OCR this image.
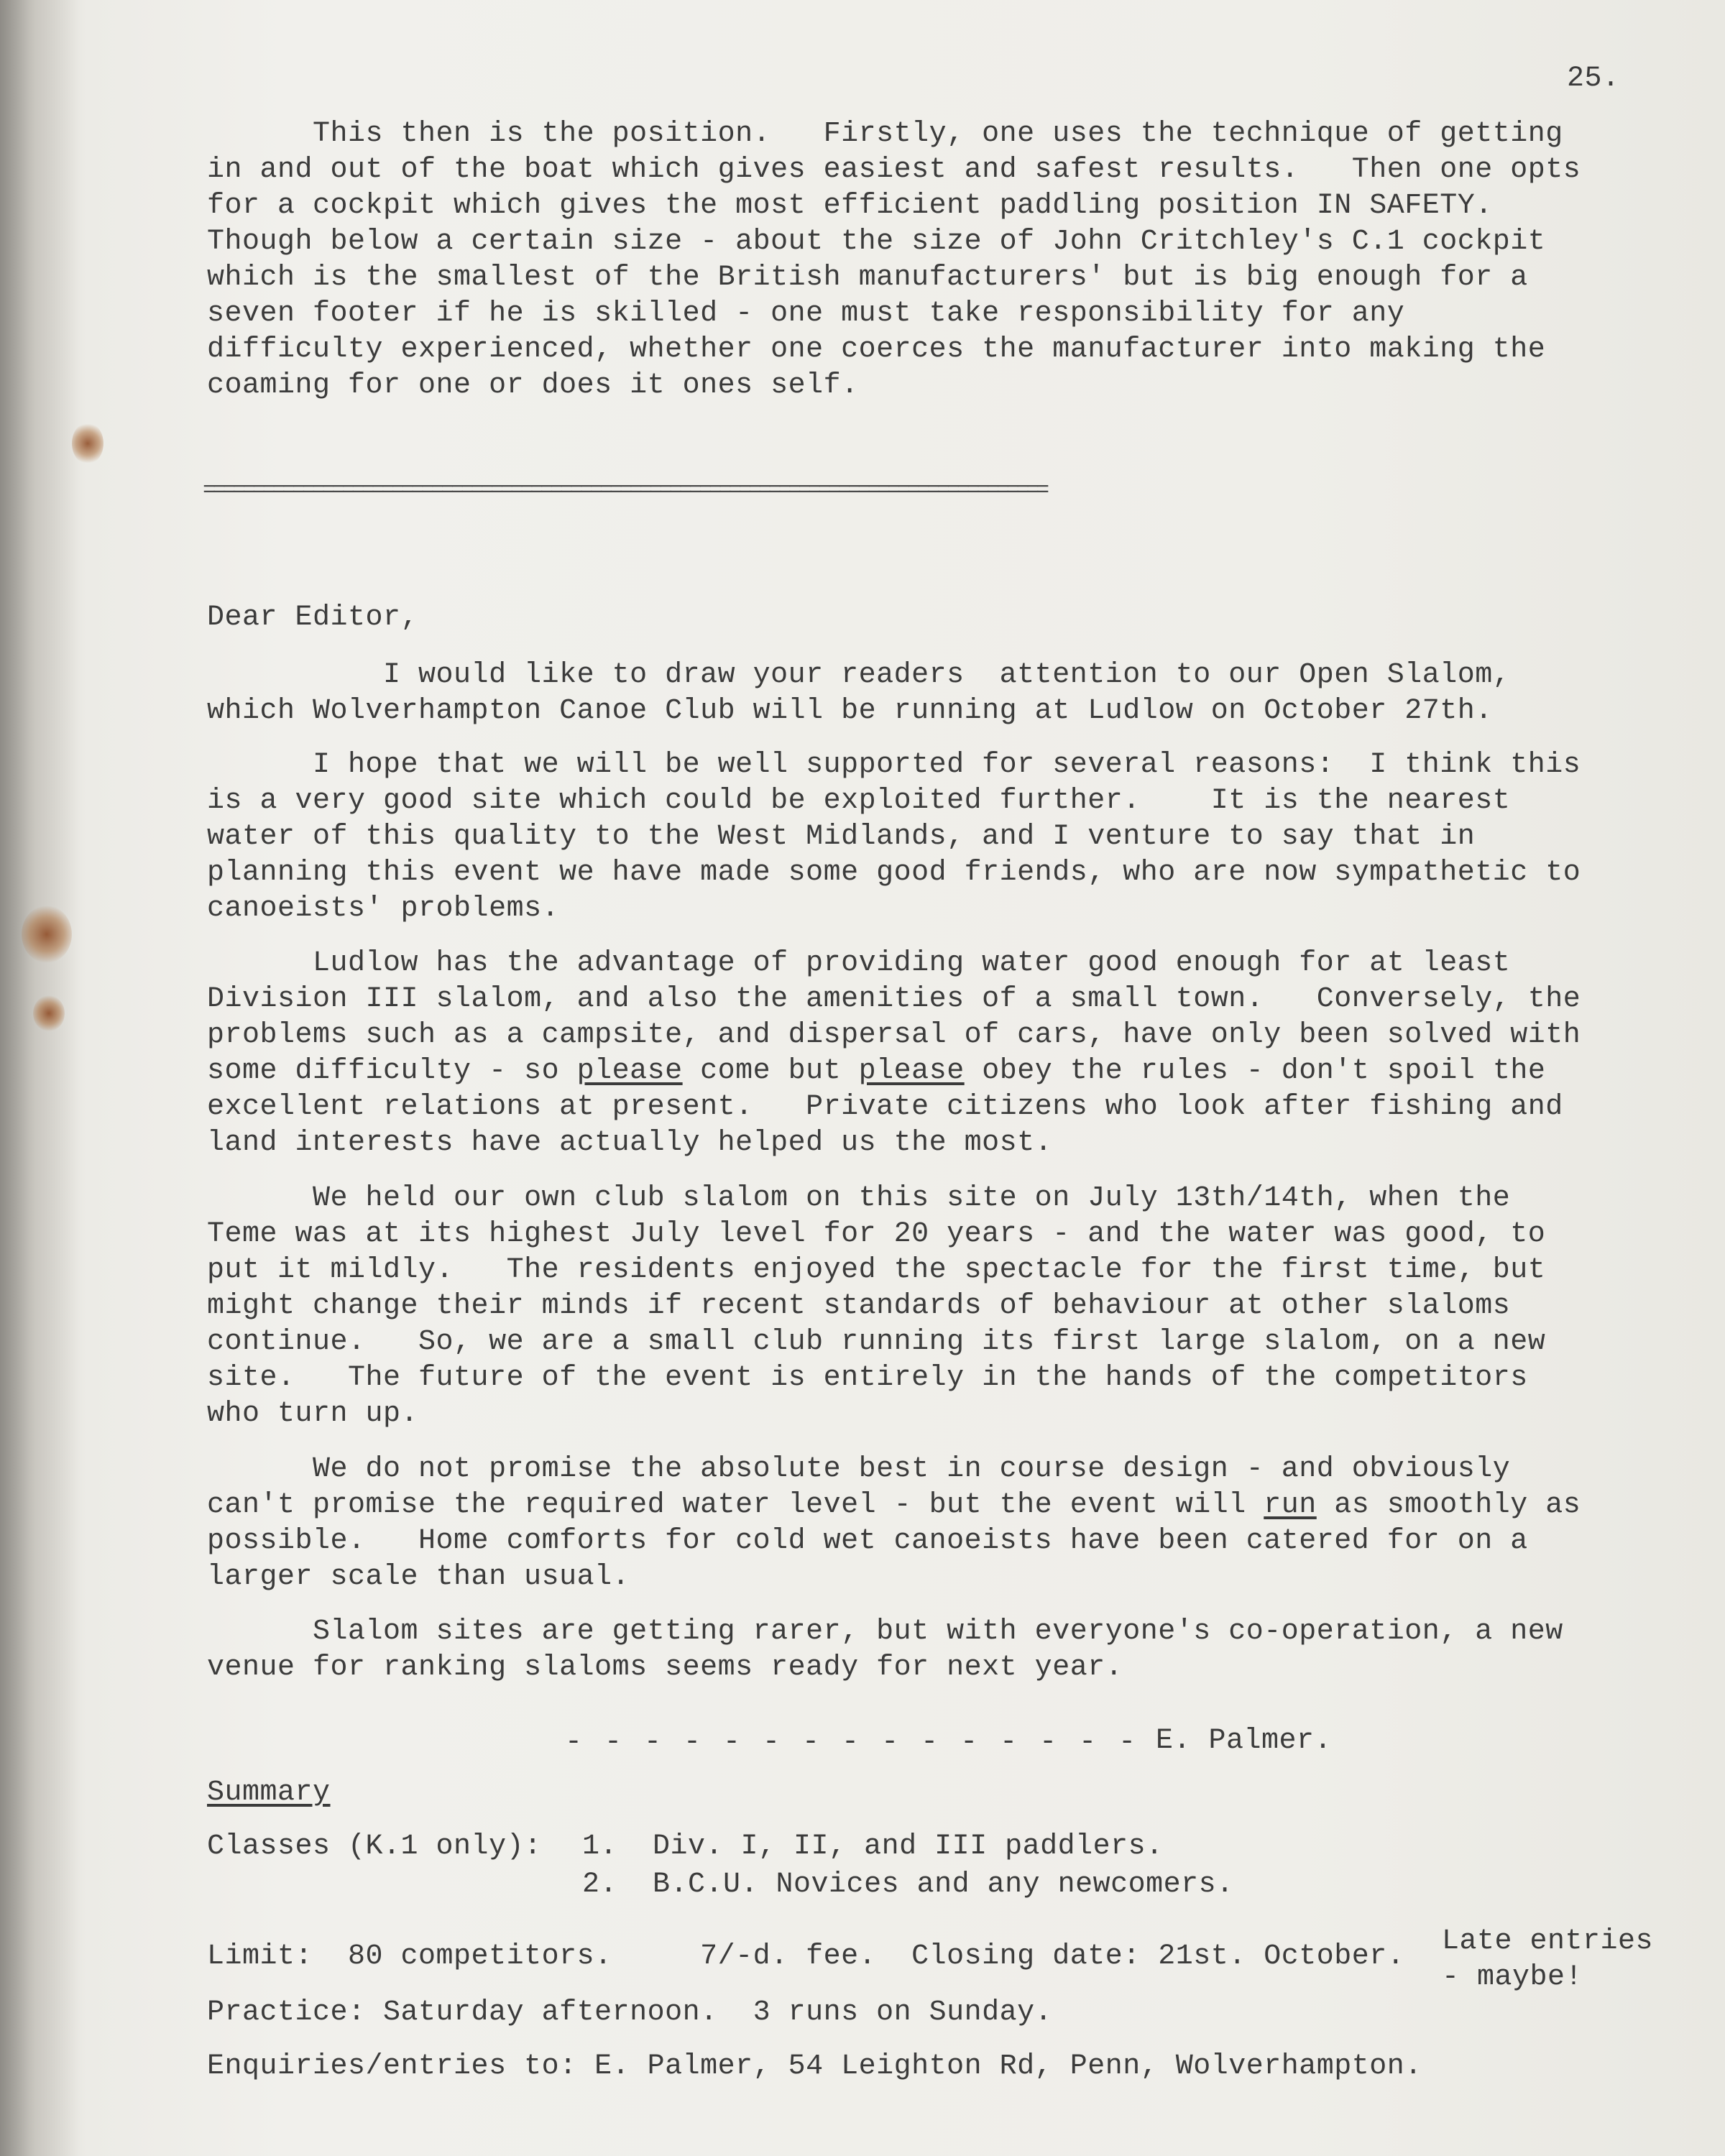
25.
This then is the position.   Firstly, one uses the technique of getting
in and out of the boat which gives easiest and safest results.   Then one opts
for a cockpit which gives the most efficient paddling position IN SAFETY.
Though below a certain size - about the size of John Critchley's C.1 cockpit
which is the smallest of the British manufacturers' but is big enough for a
seven footer if he is skilled - one must take responsibility for any
difficulty experienced, whether one coerces the manufacturer into making the
coaming for one or does it ones self.
=====================================================================================
Dear Editor,
I would like to draw your readers  attention to our Open Slalom,
which Wolverhampton Canoe Club will be running at Ludlow on October 27th.
I hope that we will be well supported for several reasons:  I think this
is a very good site which could be exploited further.    It is the nearest
water of this quality to the West Midlands, and I venture to say that in
planning this event we have made some good friends, who are now sympathetic to
canoeists' problems.
Ludlow has the advantage of providing water good enough for at least
Division III slalom, and also the amenities of a small town.   Conversely, the
problems such as a campsite, and dispersal of cars, have only been solved with
some difficulty - so please come but please obey the rules - don't spoil the
excellent relations at present.   Private citizens who look after fishing and
land interests have actually helped us the most.
We held our own club slalom on this site on July 13th/14th, when the
Teme was at its highest July level for 20 years - and the water was good, to
put it mildly.   The residents enjoyed the spectacle for the first time, but
might change their minds if recent standards of behaviour at other slaloms
continue.   So, we are a small club running its first large slalom, on a new
site.   The future of the event is entirely in the hands of the competitors
who turn up.
We do not promise the absolute best in course design - and obviously
can't promise the required water level - but the event will run as smoothly as
possible.   Home comforts for cold wet canoeists have been catered for on a
larger scale than usual.
Slalom sites are getting rarer, but with everyone's co-operation, a new
venue for ranking slaloms seems ready for next year.
- - - - - - - - - - - - - - - E. Palmer.
Summary
Classes (K.1 only): 1.  Div. I, II, and III paddlers.
2.  B.C.U. Novices and any newcomers.
Limit:  80 competitors.     7/-d. fee.  Closing date: 21st. October. Late entries
- maybe!
Practice: Saturday afternoon.  3 runs on Sunday.
Enquiries/entries to: E. Palmer, 54 Leighton Rd, Penn, Wolverhampton.
